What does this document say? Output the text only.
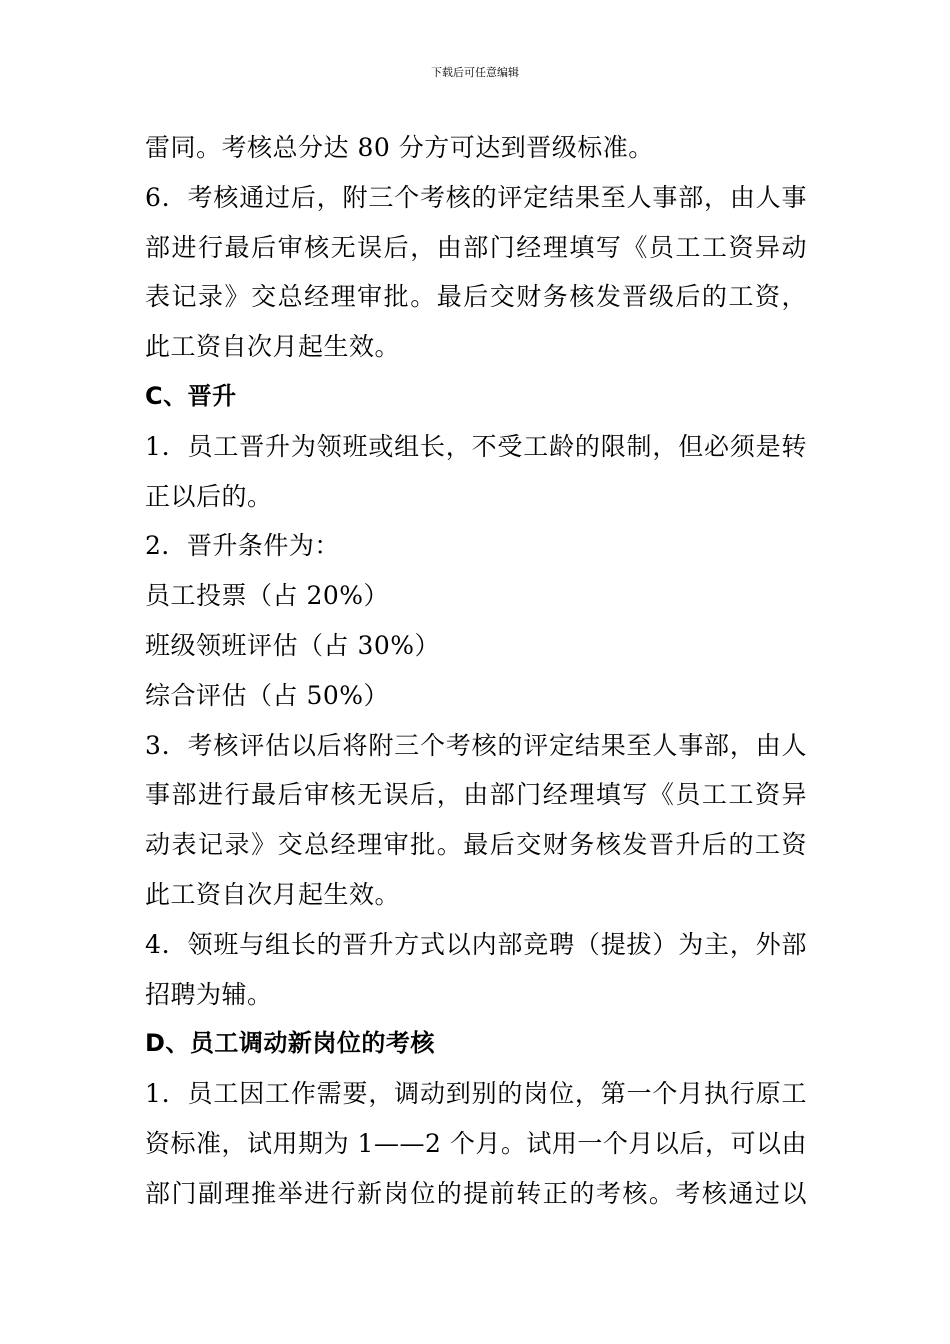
下载后可任意编辑
雷同。考核总分达 80 分方可达到晋级标准。
6．考核通过后，附三个考核的评定结果至人事部，由人事
部进行最后审核无误后，由部门经理填写《员工工资异动
表记录》交总经理审批。最后交财务核发晋级后的工资，
此工资自次月起生效。
C、晋升
1．员工晋升为领班或组长，不受工龄的限制，但必须是转
正以后的。
2．晋升条件为：
员工投票（占 20%）
班级领班评估（占 30%）
综合评估（占 50%）
3．考核评估以后将附三个考核的评定结果至人事部，由人
事部进行最后审核无误后，由部门经理填写《员工工资异
动表记录》交总经理审批。最后交财务核发晋升后的工资
此工资自次月起生效。
4．领班与组长的晋升方式以内部竞聘（提拔）为主，外部
招聘为辅。
D、员工调动新岗位的考核
1．员工因工作需要，调动到别的岗位，第一个月执行原工
资标准，试用期为 1——2 个月。试用一个月以后，可以由
部门副理推举进行新岗位的提前转正的考核。考核通过以
